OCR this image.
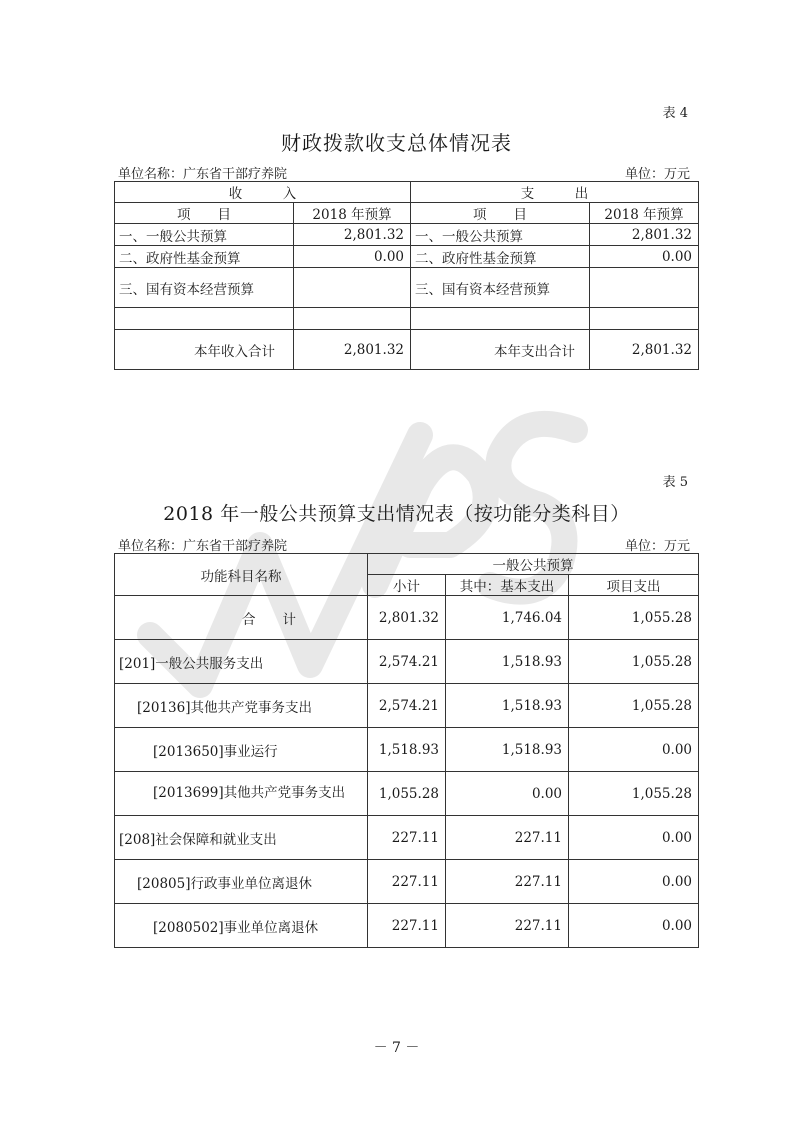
表 4
财政拨款收支总体情况表
单位名称：广东省干部疗养院	单位：万元
收　　　入		支　　　出	
项　　目	2018 年预算	项　　目	2018 年预算
一、一般公共预算	2,801.32	一、一般公共预算	2,801.32
二、政府性基金预算	0.00	二、政府性基金预算	0.00
三、国有资本经营预算		三、国有资本经营预算	

本年收入合计	2,801.32	本年支出合计	2,801.32
表 5
2018 年一般公共预算支出情况表（按功能分类科目）
单位名称：广东省干部疗养院	单位：万元
功能科目名称	一般公共预算		
	小计	其中：基本支出	项目支出
合　　计	2,801.32	1,746.04	1,055.28
[201]一般公共服务支出	2,574.21	1,518.93	1,055.28
[20136]其他共产党事务支出	2,574.21	1,518.93	1,055.28
[2013650]事业运行	1,518.93	1,518.93	0.00
[2013699]其他共产党事务支出	1,055.28	0.00	1,055.28
[208]社会保障和就业支出	227.11	227.11	0.00
[20805]行政事业单位离退休	227.11	227.11	0.00
[2080502]事业单位离退休	227.11	227.11	0.00
－ 7 －
